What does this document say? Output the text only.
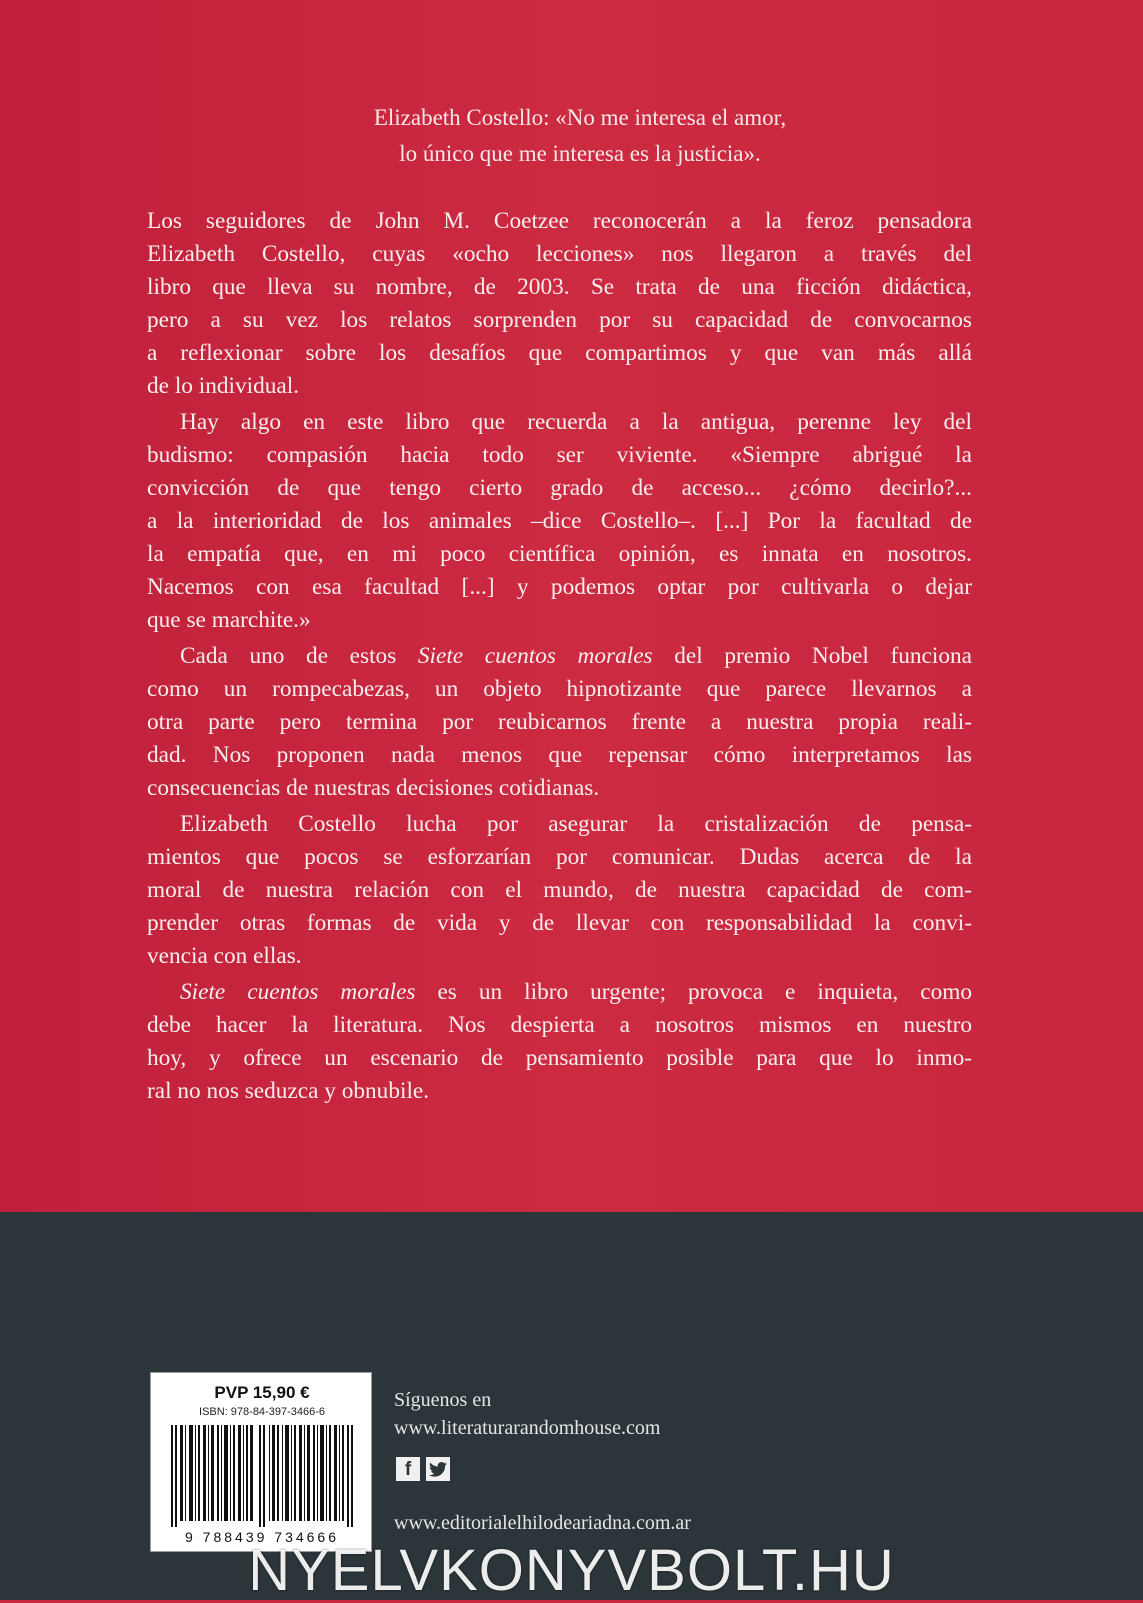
Elizabeth Costello: «No me interesa el amor,
lo único que me interesa es la justicia».
Los seguidores de John M. Coetzee reconocerán a la feroz pensadora
Elizabeth Costello, cuyas «ocho lecciones» nos llegaron a través del
libro que lleva su nombre, de 2003. Se trata de una ficción didáctica,
pero a su vez los relatos sorprenden por su capacidad de convocarnos
a reflexionar sobre los desafíos que compartimos y que van más allá
de lo individual.
Hay algo en este libro que recuerda a la antigua, perenne ley del
budismo: compasión hacia todo ser viviente. «Siempre abrigué la
convicción de que tengo cierto grado de acceso... ¿cómo decirlo?...
a la interioridad de los animales –dice Costello–. [...] Por la facultad de
la empatía que, en mi poco científica opinión, es innata en nosotros.
Nacemos con esa facultad [...] y podemos optar por cultivarla o dejar
que se marchite.»
Cada uno de estos Siete cuentos morales del premio Nobel funciona
como un rompecabezas, un objeto hipnotizante que parece llevarnos a
otra parte pero termina por reubicarnos frente a nuestra propia reali-
dad. Nos proponen nada menos que repensar cómo interpretamos las
consecuencias de nuestras decisiones cotidianas.
Elizabeth Costello lucha por asegurar la cristalización de pensa-
mientos que pocos se esforzarían por comunicar. Dudas acerca de la
moral de nuestra relación con el mundo, de nuestra capacidad de com-
prender otras formas de vida y de llevar con responsabilidad la convi-
vencia con ellas.
Siete cuentos morales es un libro urgente; provoca e inquieta, como
debe hacer la literatura. Nos despierta a nosotros mismos en nuestro
hoy, y ofrece un escenario de pensamiento posible para que lo inmo-
ral no nos seduzca y obnubile.
PVP 15,90 €
ISBN: 978-84-397-3466-6
9 788439 734666
Síguenos en
www.literaturarandomhouse.com
f
www.editorialelhilodeariadna.com.ar
NYELVKONYVBOLT.HU
